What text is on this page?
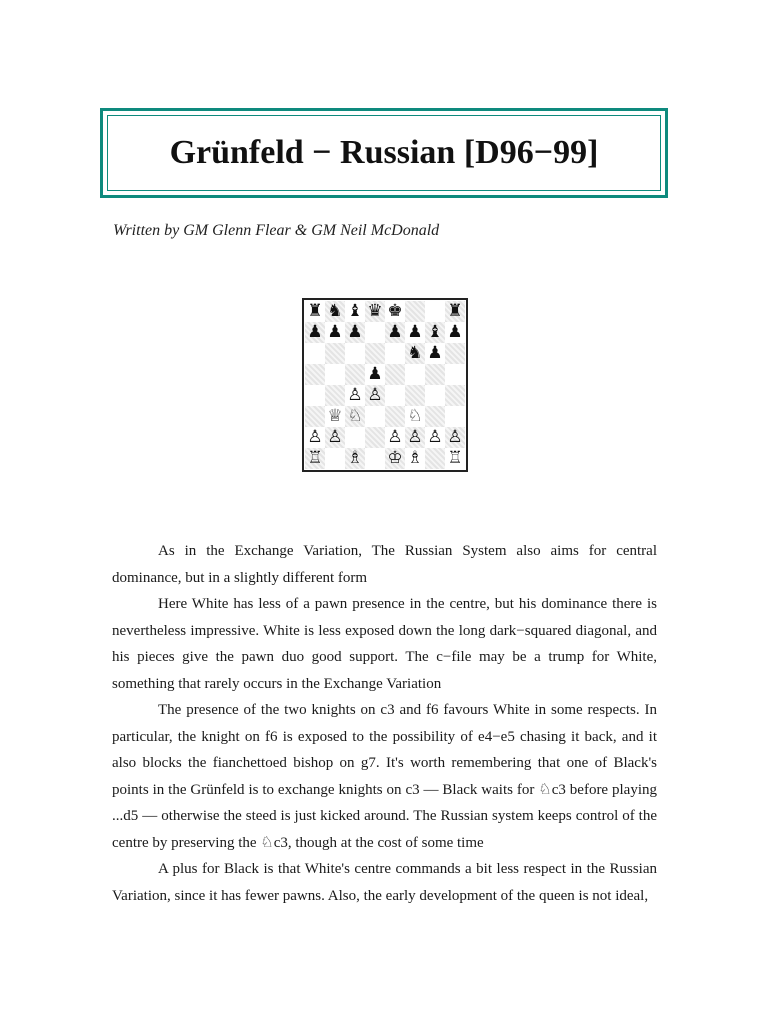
Grünfeld − Russian [D96−99]
Written by GM Glenn Flear & GM Neil McDonald
♜ ♞ ♝ ♛ ♚	♜
♟ ♟ ♟ ♟ ♟ ♝ ♟
♞ ♟
♟
♙ ♙
♕ ♘	♘
♙ ♙	♙ ♙ ♙ ♙
♖ ♗ ♔ ♗ ♖

As in the Exchange Variation, The Russian System also aims for central dominance, but in a slightly different form

Here White has less of a pawn presence in the centre, but his dominance there is nevertheless impressive. White is less exposed down the long dark−squared diagonal, and his pieces give the pawn duo good support. The c−file may be a trump for White, something that rarely occurs in the Exchange Variation

The presence of the two knights on c3 and f6 favours White in some respects. In particular, the knight on f6 is exposed to the possibility of e4−e5 chasing it back, and it also blocks the fianchettoed bishop on g7. It's worth remembering that one of Black's points in the Grünfeld is to exchange knights on c3 — Black waits for ♘c3 before playing ...d5 — otherwise the steed is just kicked around. The Russian system keeps control of the centre by preserving the ♘c3, though at the cost of some time

A plus for Black is that White's centre commands a bit less respect in the Russian Variation, since it has fewer pawns. Also, the early development of the queen is not ideal,
